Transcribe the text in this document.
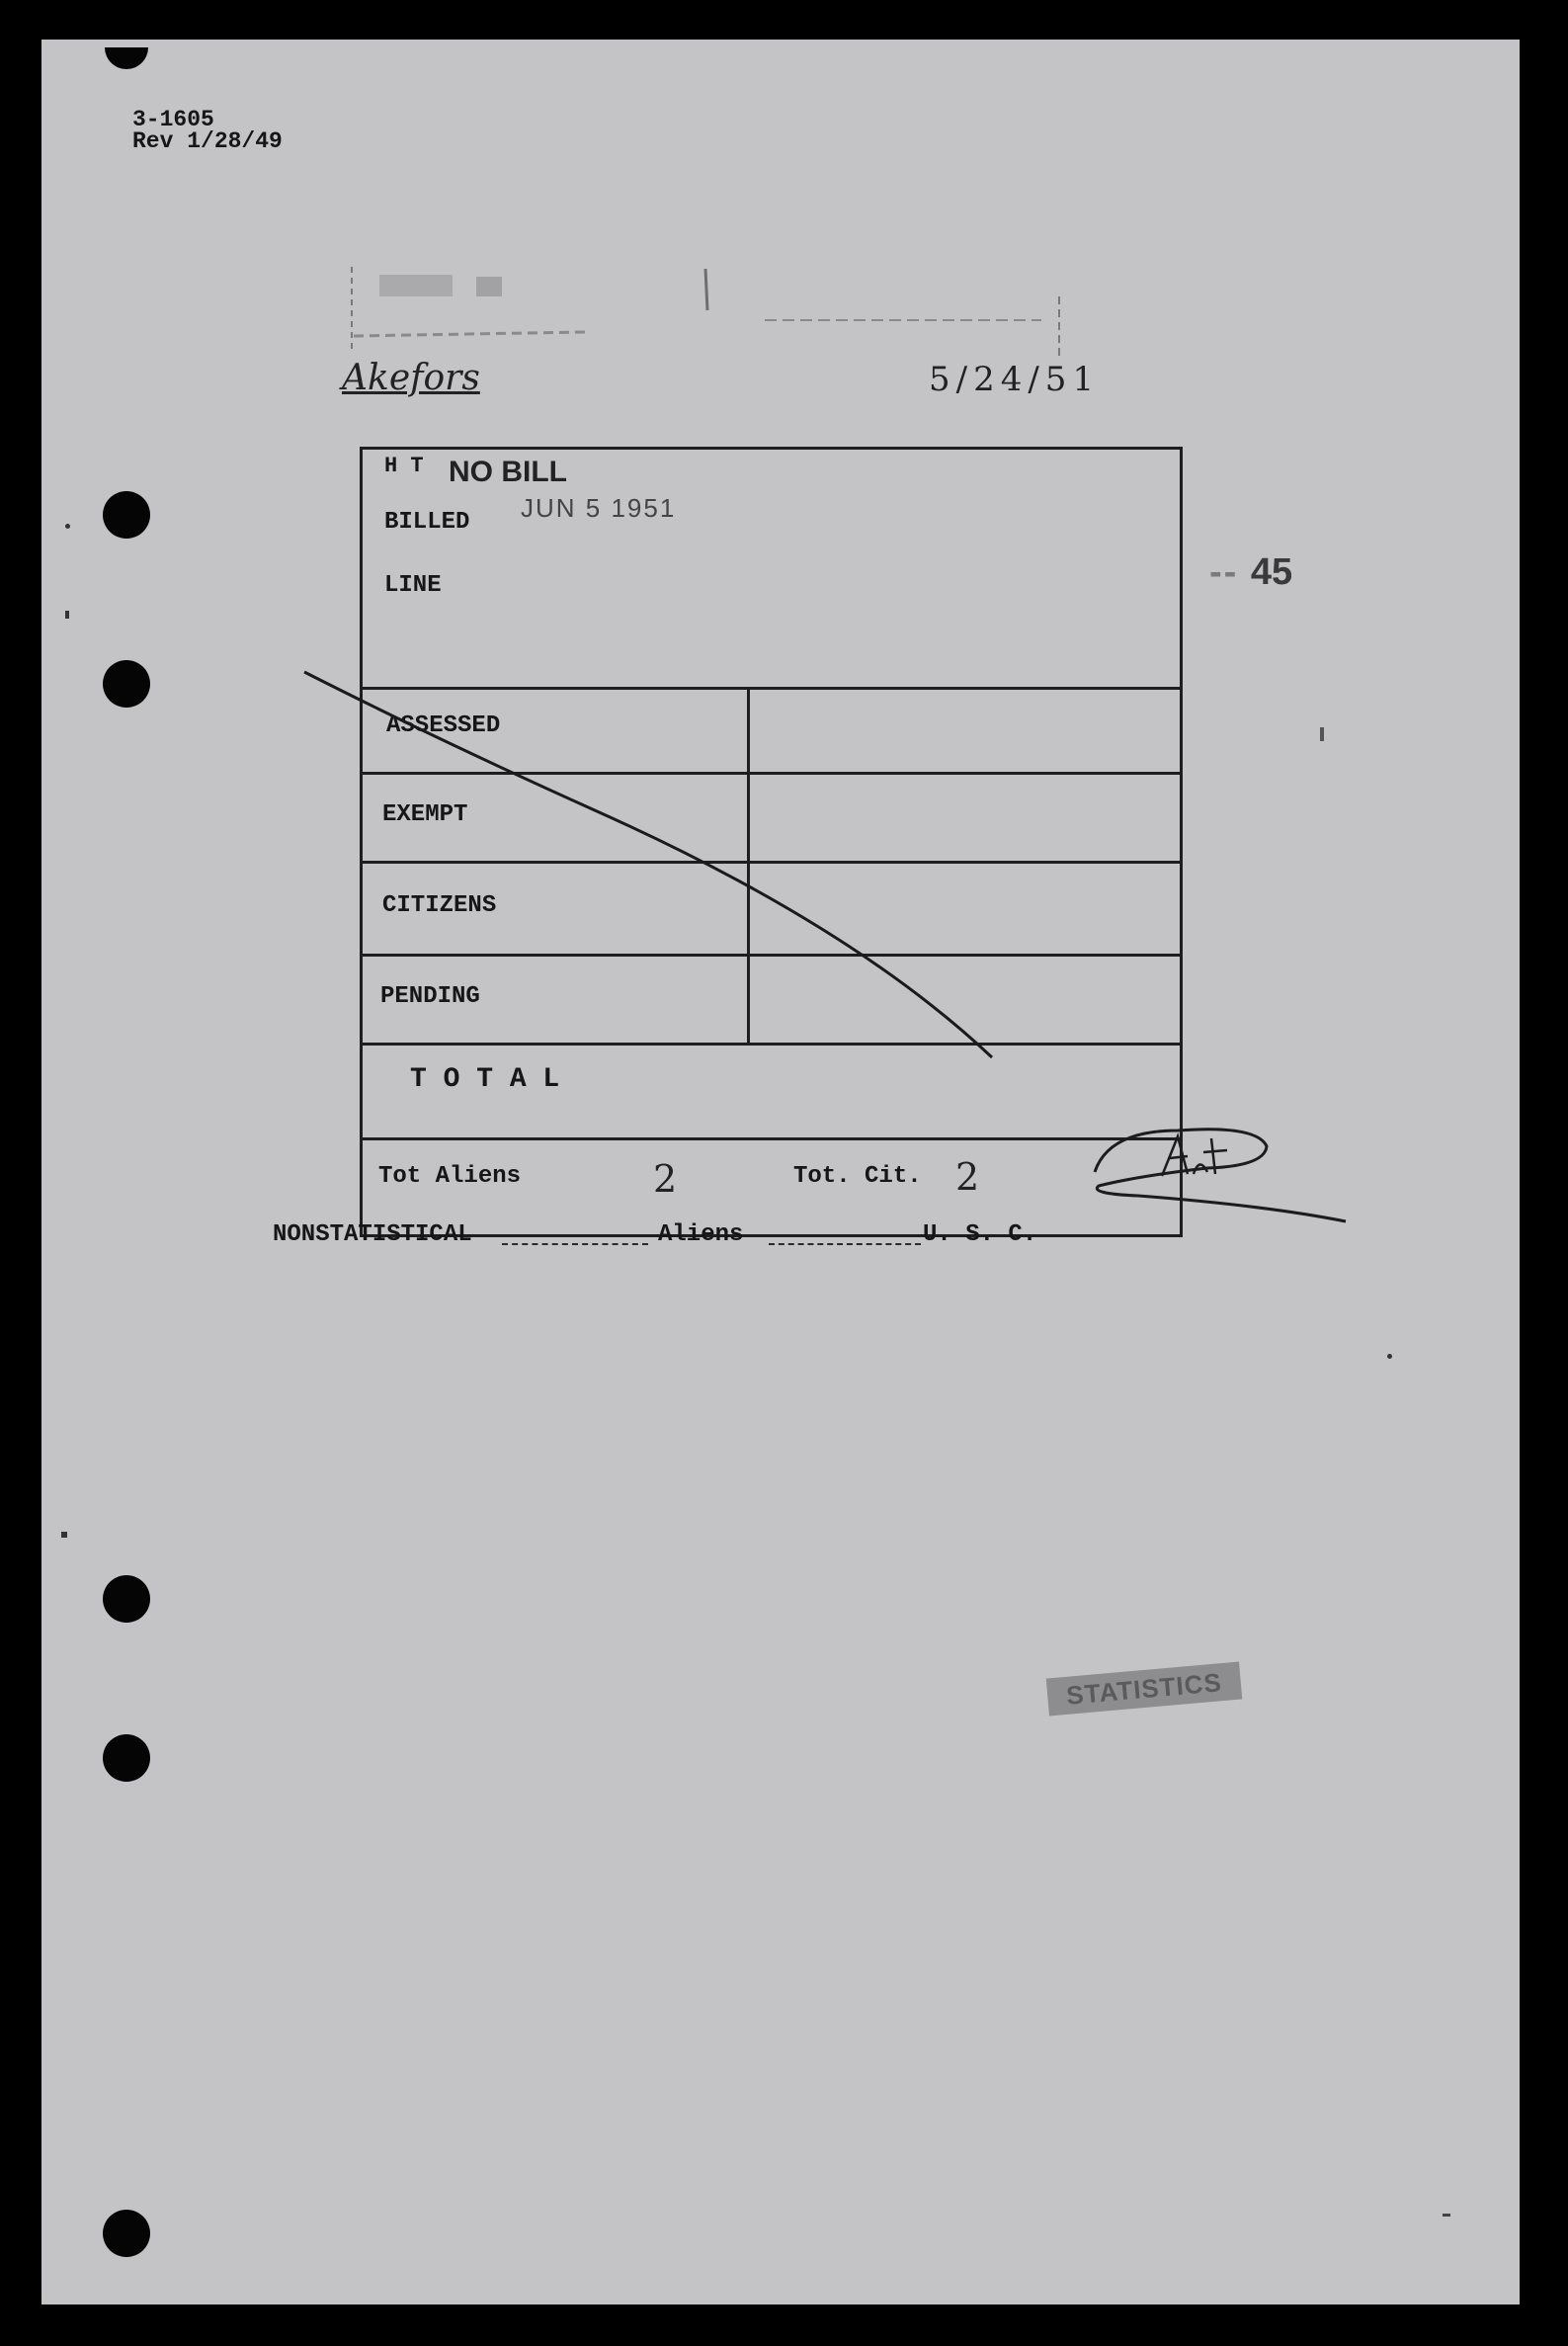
3-1605
Rev 1/28/49
Akefors	5/24/51
-- 45
H T NO BILL
BILLED JUN 5 1951
LINE
ASSESSED
EXEMPT
CITIZENS
PENDING
T O T A L
Tot Aliens	2	Tot. Cit. 2
Art
NONSTATISTICAL	Aliens	U. S. C.
STATISTICS
